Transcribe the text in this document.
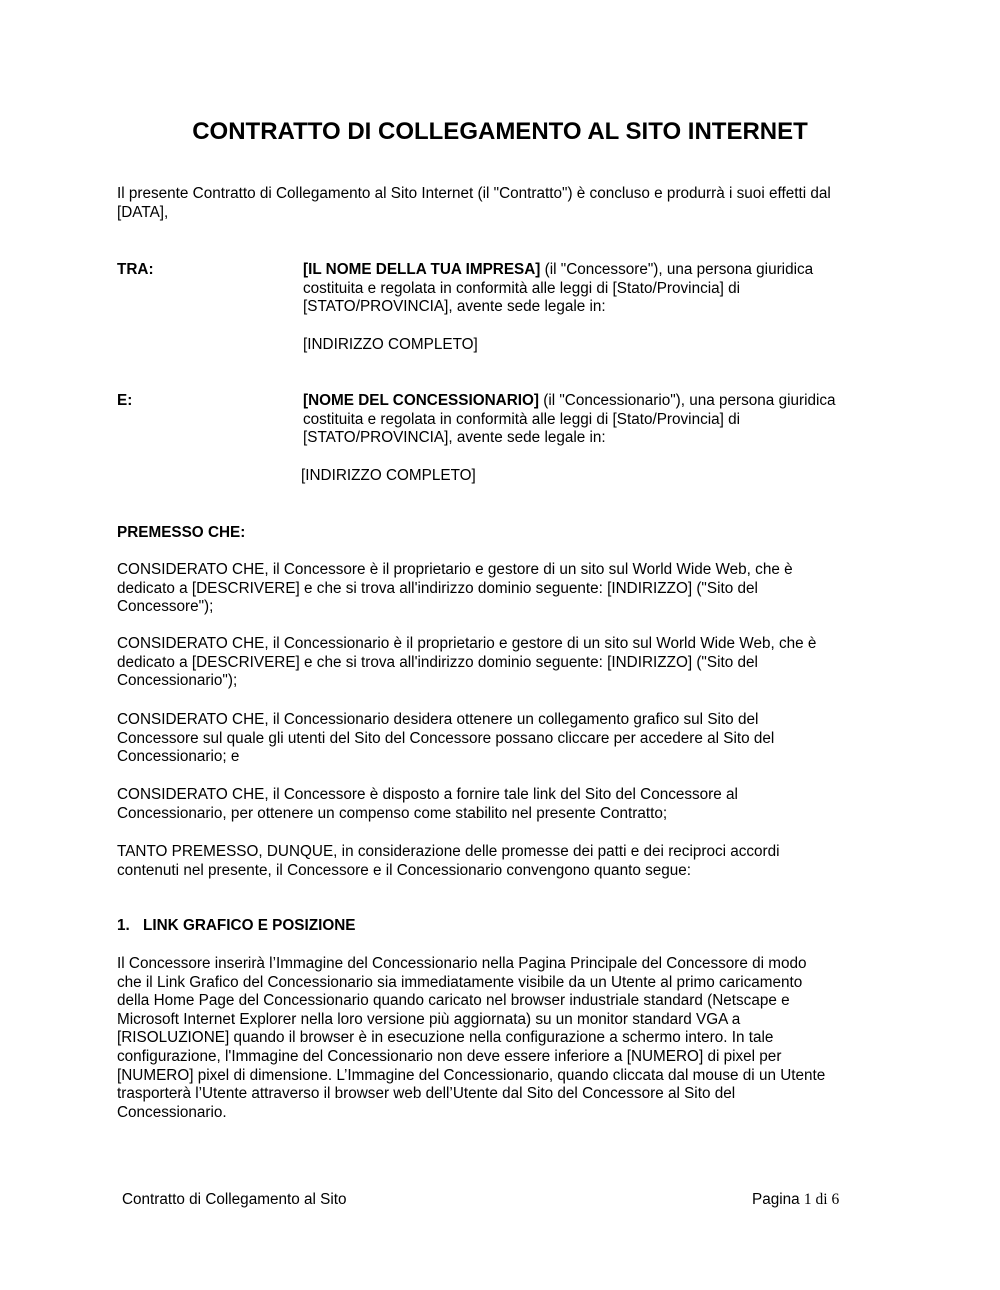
CONTRATTO DI COLLEGAMENTO AL SITO INTERNET
Il presente Contratto di Collegamento al Sito Internet (il "Contratto") è concluso e produrrà i suoi effetti dal
[DATA],
TRA:	[IL NOME DELLA TUA IMPRESA] (il "Concessore"), una persona giuridica
costituita e regolata in conformità alle leggi di [Stato/Provincia] di
[STATO/PROVINCIA], avente sede legale in:
[INDIRIZZO COMPLETO]
E:	[NOME DEL CONCESSIONARIO] (il "Concessionario"), una persona giuridica
costituita e regolata in conformità alle leggi di [Stato/Provincia] di
[STATO/PROVINCIA], avente sede legale in:
[INDIRIZZO COMPLETO]
PREMESSO CHE:
CONSIDERATO CHE, il Concessore è il proprietario e gestore di un sito sul World Wide Web, che è
dedicato a [DESCRIVERE] e che si trova all'indirizzo dominio seguente: [INDIRIZZO] ("Sito del
Concessore");
CONSIDERATO CHE, il Concessionario è il proprietario e gestore di un sito sul World Wide Web, che è
dedicato a [DESCRIVERE] e che si trova all'indirizzo dominio seguente: [INDIRIZZO] ("Sito del
Concessionario");
CONSIDERATO CHE, il Concessionario desidera ottenere un collegamento grafico sul Sito del
Concessore sul quale gli utenti del Sito del Concessore possano cliccare per accedere al Sito del
Concessionario; e
CONSIDERATO CHE, il Concessore è disposto a fornire tale link del Sito del Concessore al
Concessionario, per ottenere un compenso come stabilito nel presente Contratto;
TANTO PREMESSO, DUNQUE, in considerazione delle promesse dei patti e dei reciproci accordi
contenuti nel presente, il Concessore e il Concessionario convengono quanto segue:
1. LINK GRAFICO E POSIZIONE
Il Concessore inserirà l’Immagine del Concessionario nella Pagina Principale del Concessore di modo
che il Link Grafico del Concessionario sia immediatamente visibile da un Utente al primo caricamento
della Home Page del Concessionario quando caricato nel browser industriale standard (Netscape e
Microsoft Internet Explorer nella loro versione più aggiornata) su un monitor standard VGA a
[RISOLUZIONE] quando il browser è in esecuzione nella configurazione a schermo intero. In tale
configurazione, l'Immagine del Concessionario non deve essere inferiore a [NUMERO] di pixel per
[NUMERO] pixel di dimensione. L’Immagine del Concessionario, quando cliccata dal mouse di un Utente
trasporterà l’Utente attraverso il browser web dell’Utente dal Sito del Concessore al Sito del
Concessionario.
Contratto di Collegamento al Sito	Pagina 1 di 6
